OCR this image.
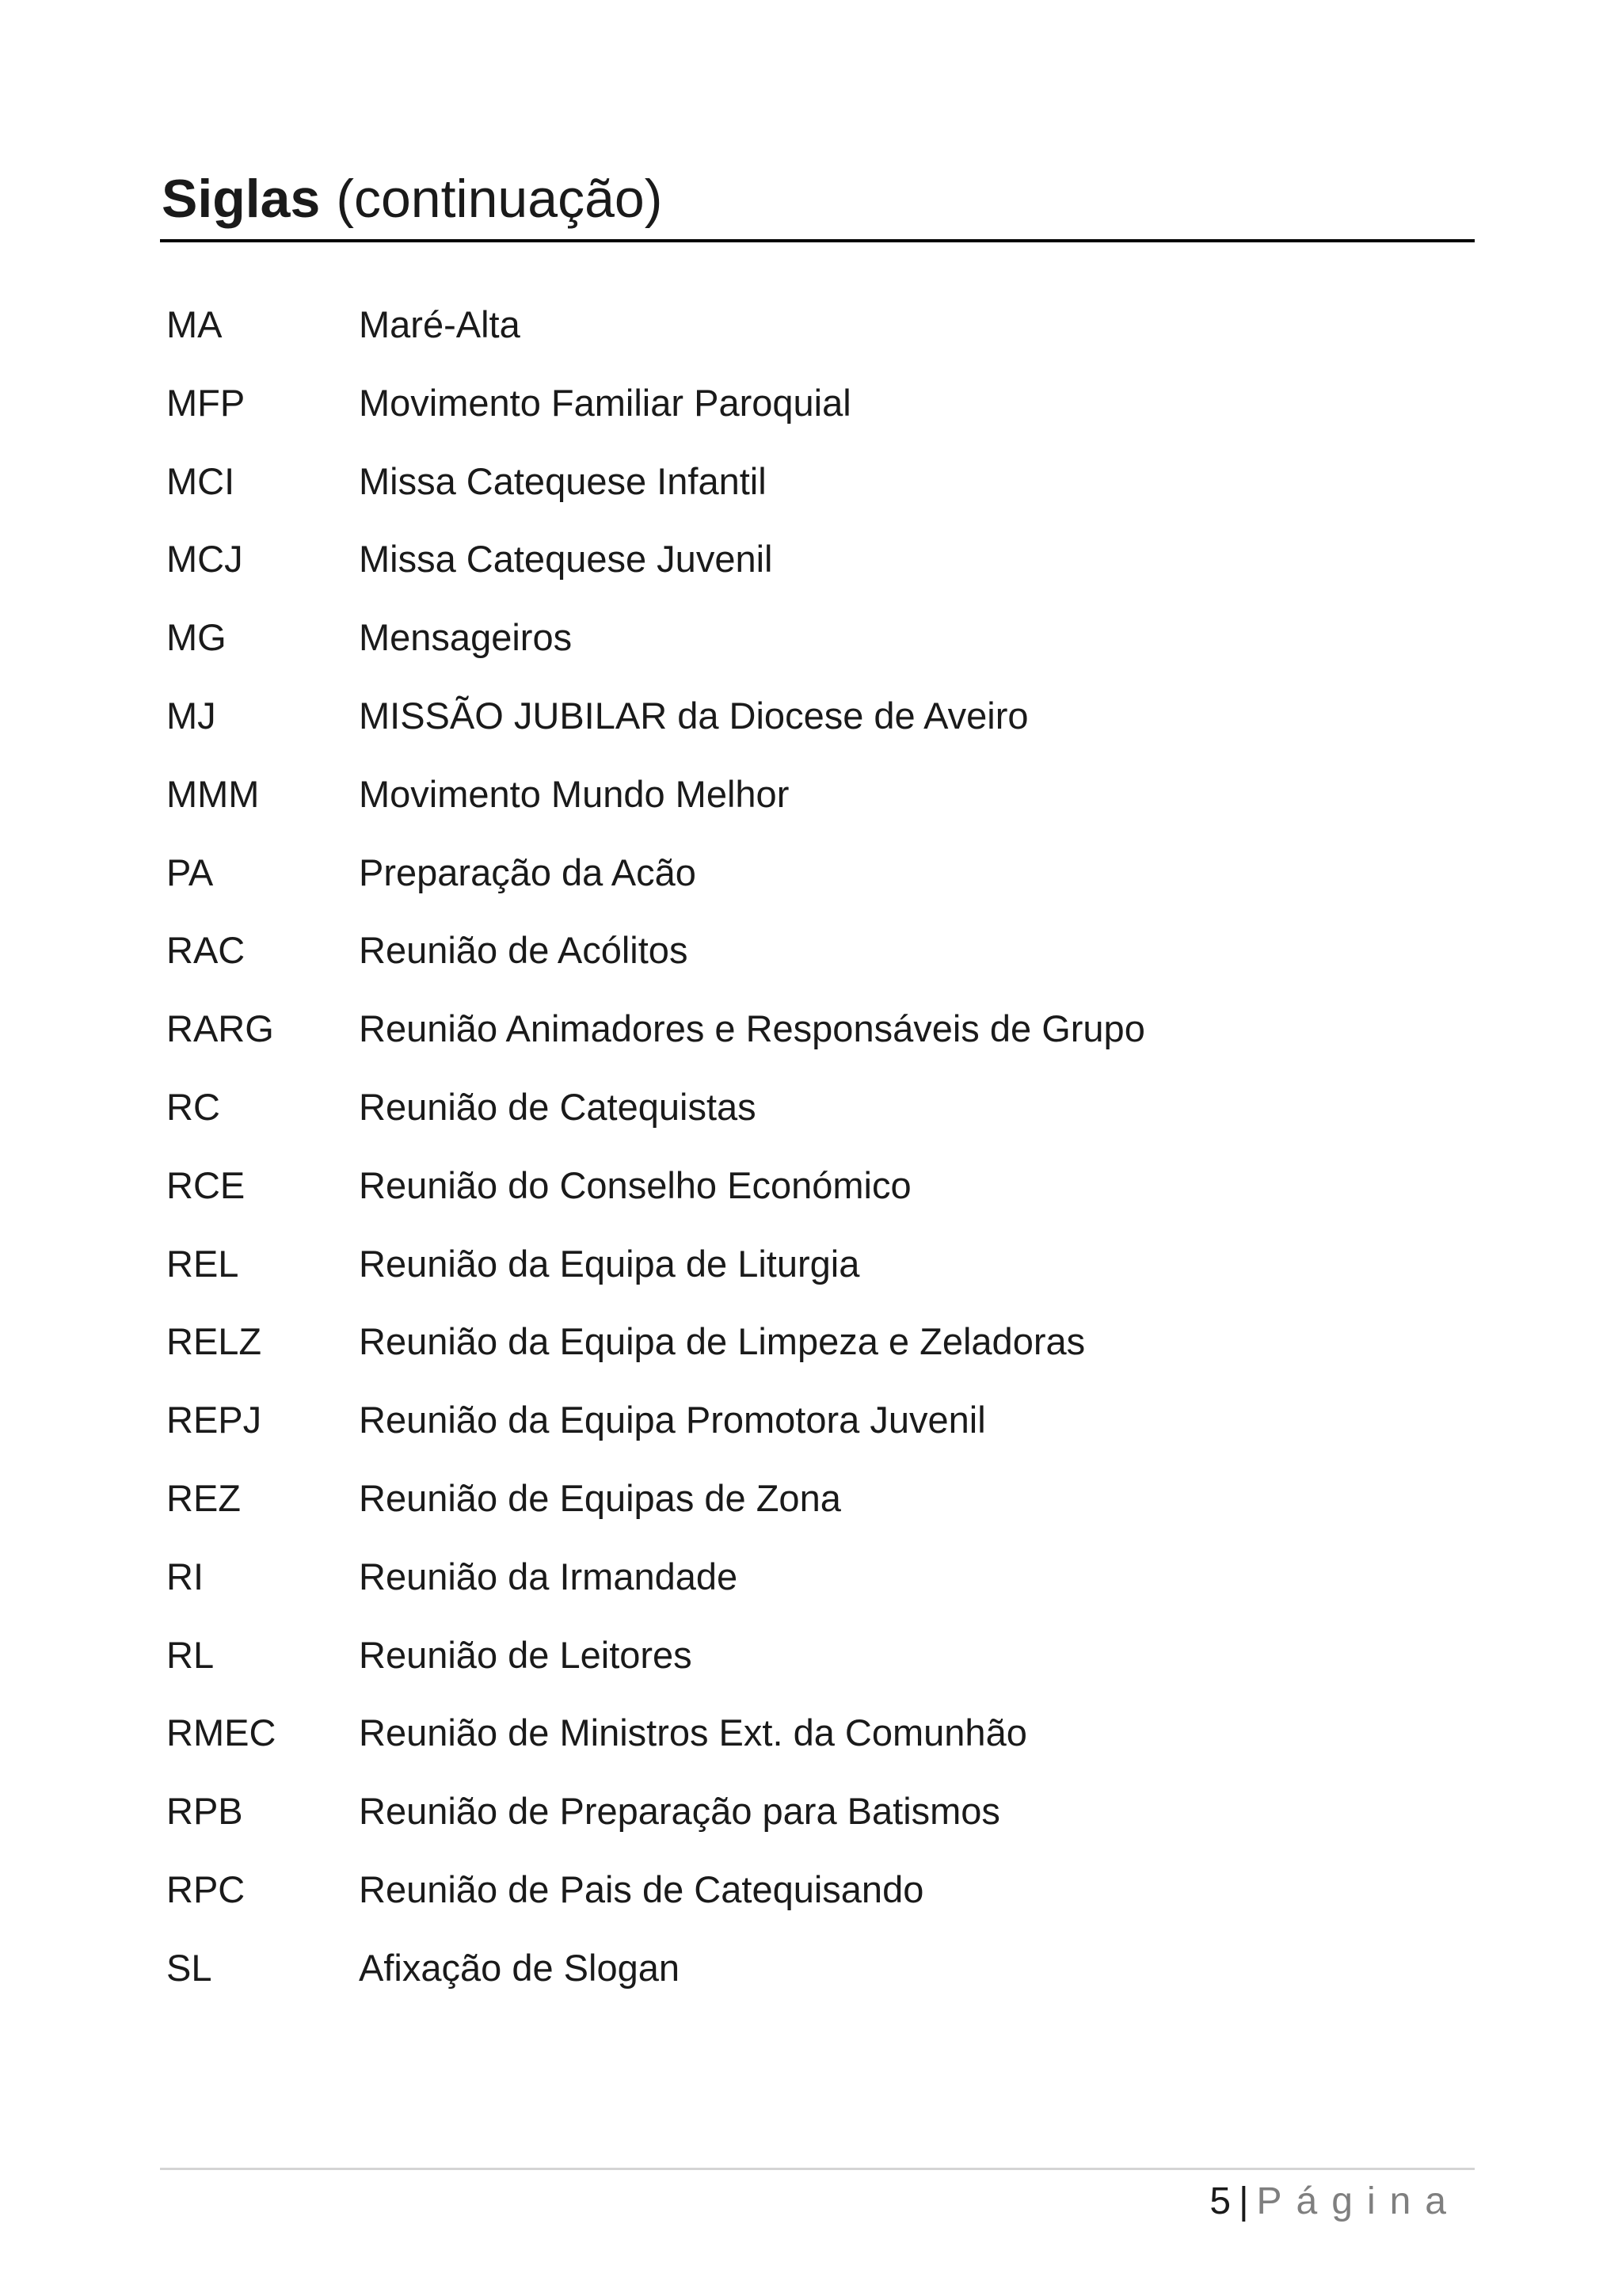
Siglas (continuação)
MA	Maré-Alta
MFP	Movimento Familiar Paroquial
MCI	Missa Catequese Infantil
MCJ	Missa Catequese Juvenil
MG	Mensageiros
MJ	MISSÃO JUBILAR da Diocese de Aveiro
MMM	Movimento Mundo Melhor
PA	Preparação da Acão
RAC	Reunião de Acólitos
RARG	Reunião Animadores e Responsáveis de Grupo
RC	Reunião de Catequistas
RCE	Reunião do Conselho Económico
REL	Reunião da Equipa de Liturgia
RELZ	Reunião da Equipa de Limpeza e Zeladoras
REPJ	Reunião da Equipa Promotora Juvenil
REZ	Reunião de Equipas de Zona
RI	Reunião da Irmandade
RL	Reunião de Leitores
RMEC	Reunião de Ministros Ext. da Comunhão
RPB	Reunião de Preparação para Batismos
RPC	Reunião de Pais de Catequisando
SL	Afixação de Slogan
5 | Página
